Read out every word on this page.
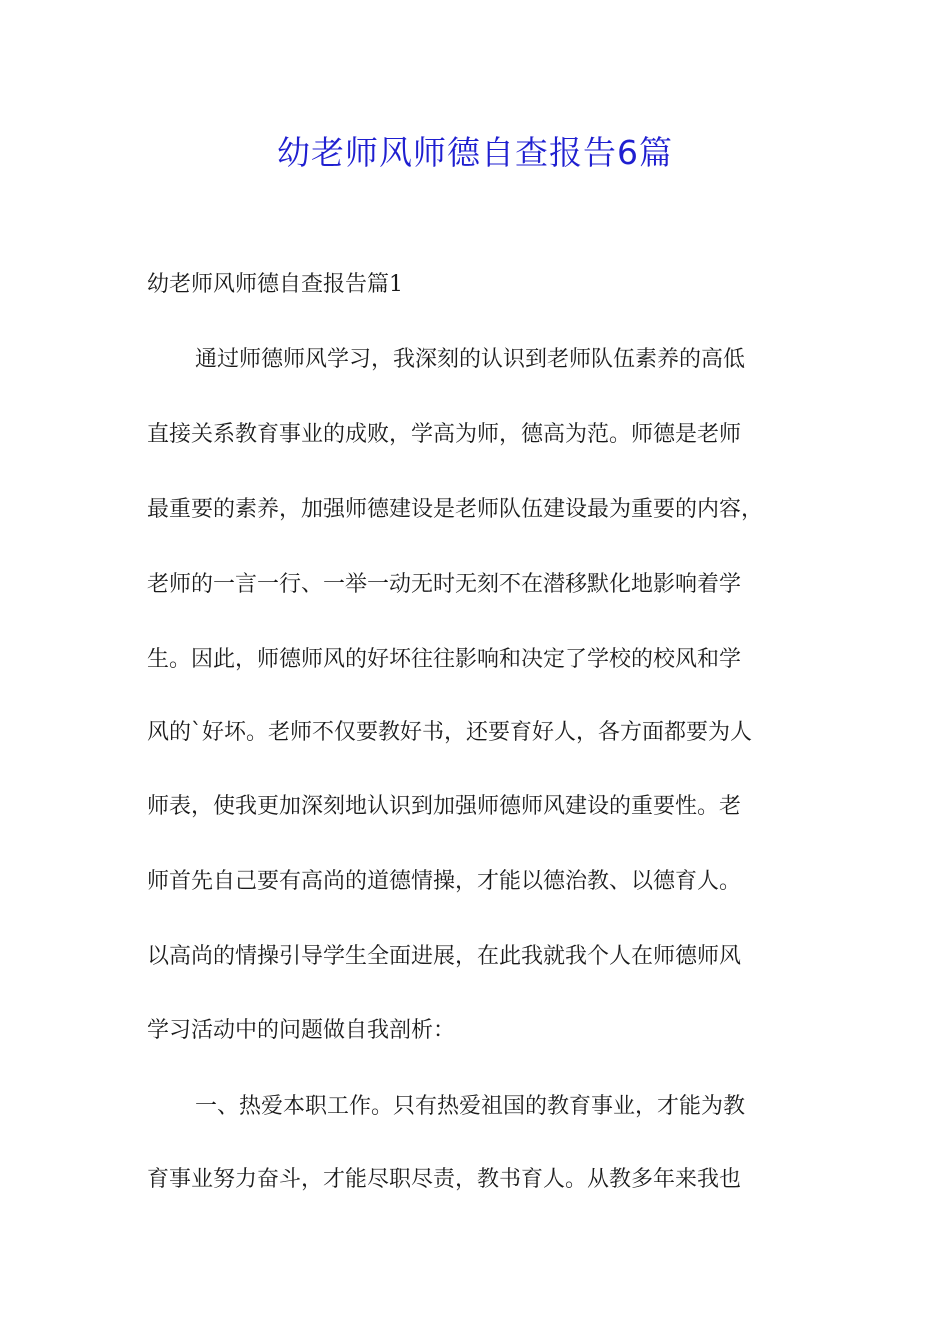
幼老师风师德自查报告6篇
幼老师风师德自查报告篇1

通过师德师风学习，我深刻的认识到老师队伍素养的高低

直接关系教育事业的成败，学高为师，德高为范。师德是老师

最重要的素养，加强师德建设是老师队伍建设最为重要的内容，

老师的一言一行、一举一动无时无刻不在潜移默化地影响着学

生。因此，师德师风的好坏往往影响和决定了学校的校风和学

风的`好坏。老师不仅要教好书，还要育好人，各方面都要为人

师表，使我更加深刻地认识到加强师德师风建设的重要性。老

师首先自己要有高尚的道德情操，才能以德治教、以德育人。

以高尚的情操引导学生全面进展，在此我就我个人在师德师风

学习活动中的问题做自我剖析：

一、热爱本职工作。只有热爱祖国的教育事业，才能为教

育事业努力奋斗，才能尽职尽责，教书育人。从教多年来我也
